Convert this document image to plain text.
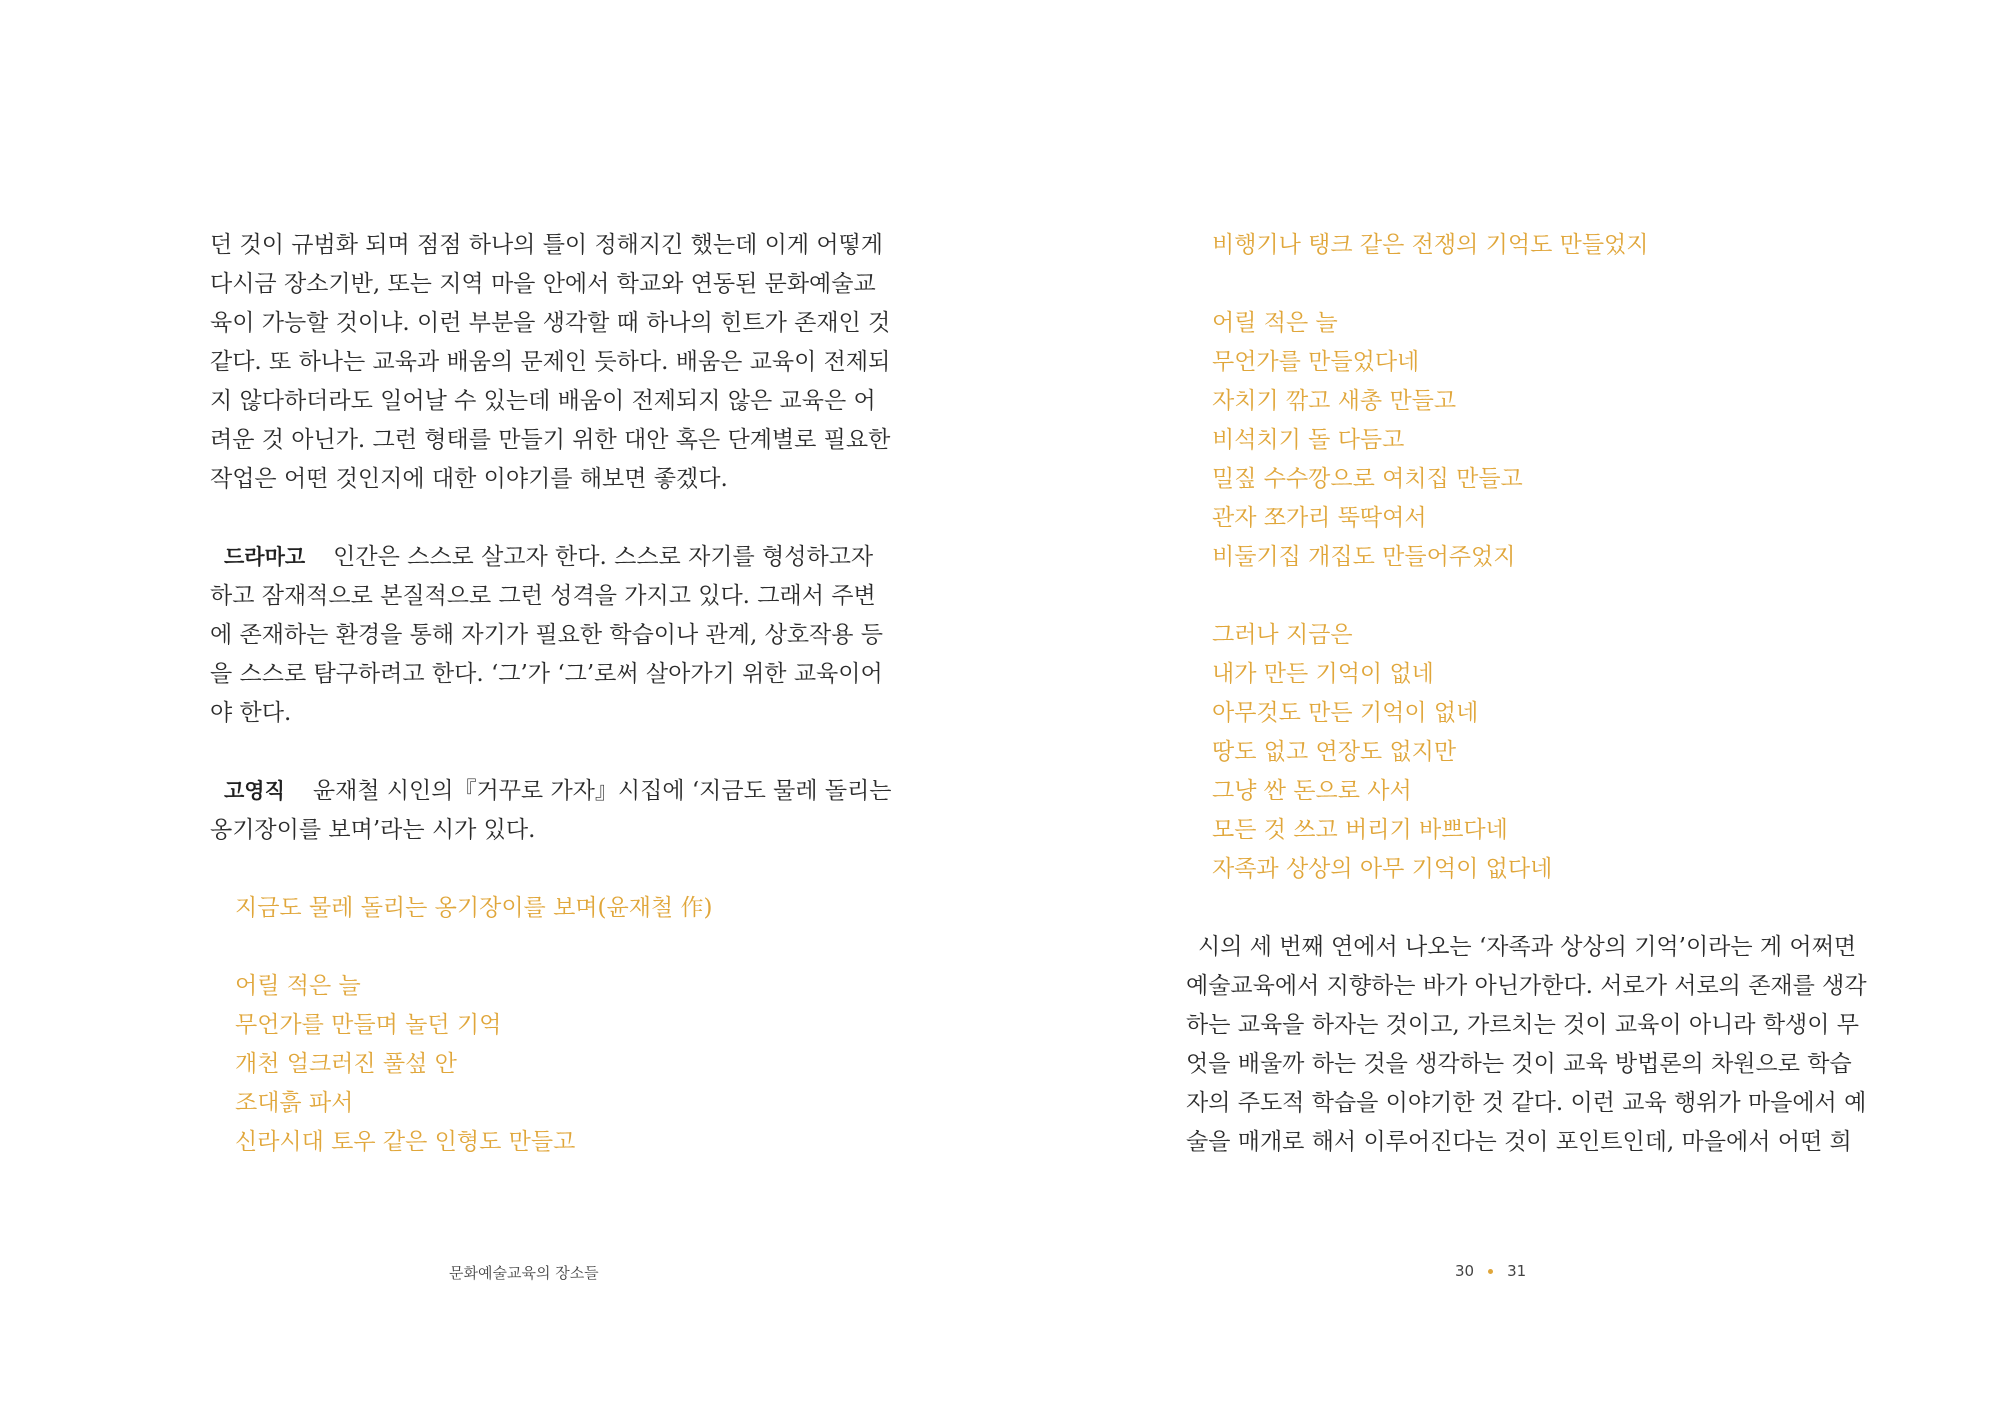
던 것이 규범화 되며 점점 하나의 틀이 정해지긴 했는데 이게 어떻게
다시금 장소기반, 또는 지역 마을 안에서 학교와 연동된 문화예술교
육이 가능할 것이냐. 이런 부분을 생각할 때 하나의 힌트가 존재인 것
같다. 또 하나는 교육과 배움의 문제인 듯하다. 배움은 교육이 전제되
지 않다하더라도 일어날 수 있는데 배움이 전제되지 않은 교육은 어
려운 것 아닌가. 그런 형태를 만들기 위한 대안 혹은 단계별로 필요한
작업은 어떤 것인지에 대한 이야기를 해보면 좋겠다.
드라마고 인간은 스스로 살고자 한다. 스스로 자기를 형성하고자
하고 잠재적으로 본질적으로 그런 성격을 가지고 있다. 그래서 주변
에 존재하는 환경을 통해 자기가 필요한 학습이나 관계, 상호작용 등
을 스스로 탐구하려고 한다. ‘그’가 ‘그’로써 살아가기 위한 교육이어
야 한다.
고영직 윤재철 시인의『거꾸로 가자』시집에 ‘지금도 물레 돌리는
옹기장이를 보며’라는 시가 있다.
지금도 물레 돌리는 옹기장이를 보며(윤재철 作)
어릴 적은 늘
무언가를 만들며 놀던 기억
개천 얼크러진 풀섶 안
조대흙 파서
신라시대 토우 같은 인형도 만들고
문화예술교육의 장소들
비행기나 탱크 같은 전쟁의 기억도 만들었지
어릴 적은 늘
무언가를 만들었다네
자치기 깎고 새총 만들고
비석치기 돌 다듬고
밀짚 수수깡으로 여치집 만들고
관자 쪼가리 뚝딱여서
비둘기집 개집도 만들어주었지
그러나 지금은
내가 만든 기억이 없네
아무것도 만든 기억이 없네
땅도 없고 연장도 없지만
그냥 싼 돈으로 사서
모든 것 쓰고 버리기 바쁘다네
자족과 상상의 아무 기억이 없다네
시의 세 번째 연에서 나오는 ‘자족과 상상의 기억’이라는 게 어쩌면
예술교육에서 지향하는 바가 아닌가한다. 서로가 서로의 존재를 생각
하는 교육을 하자는 것이고, 가르치는 것이 교육이 아니라 학생이 무
엇을 배울까 하는 것을 생각하는 것이 교육 방법론의 차원으로 학습
자의 주도적 학습을 이야기한 것 같다. 이런 교육 행위가 마을에서 예
술을 매개로 해서 이루어진다는 것이 포인트인데, 마을에서 어떤 희
30 31
